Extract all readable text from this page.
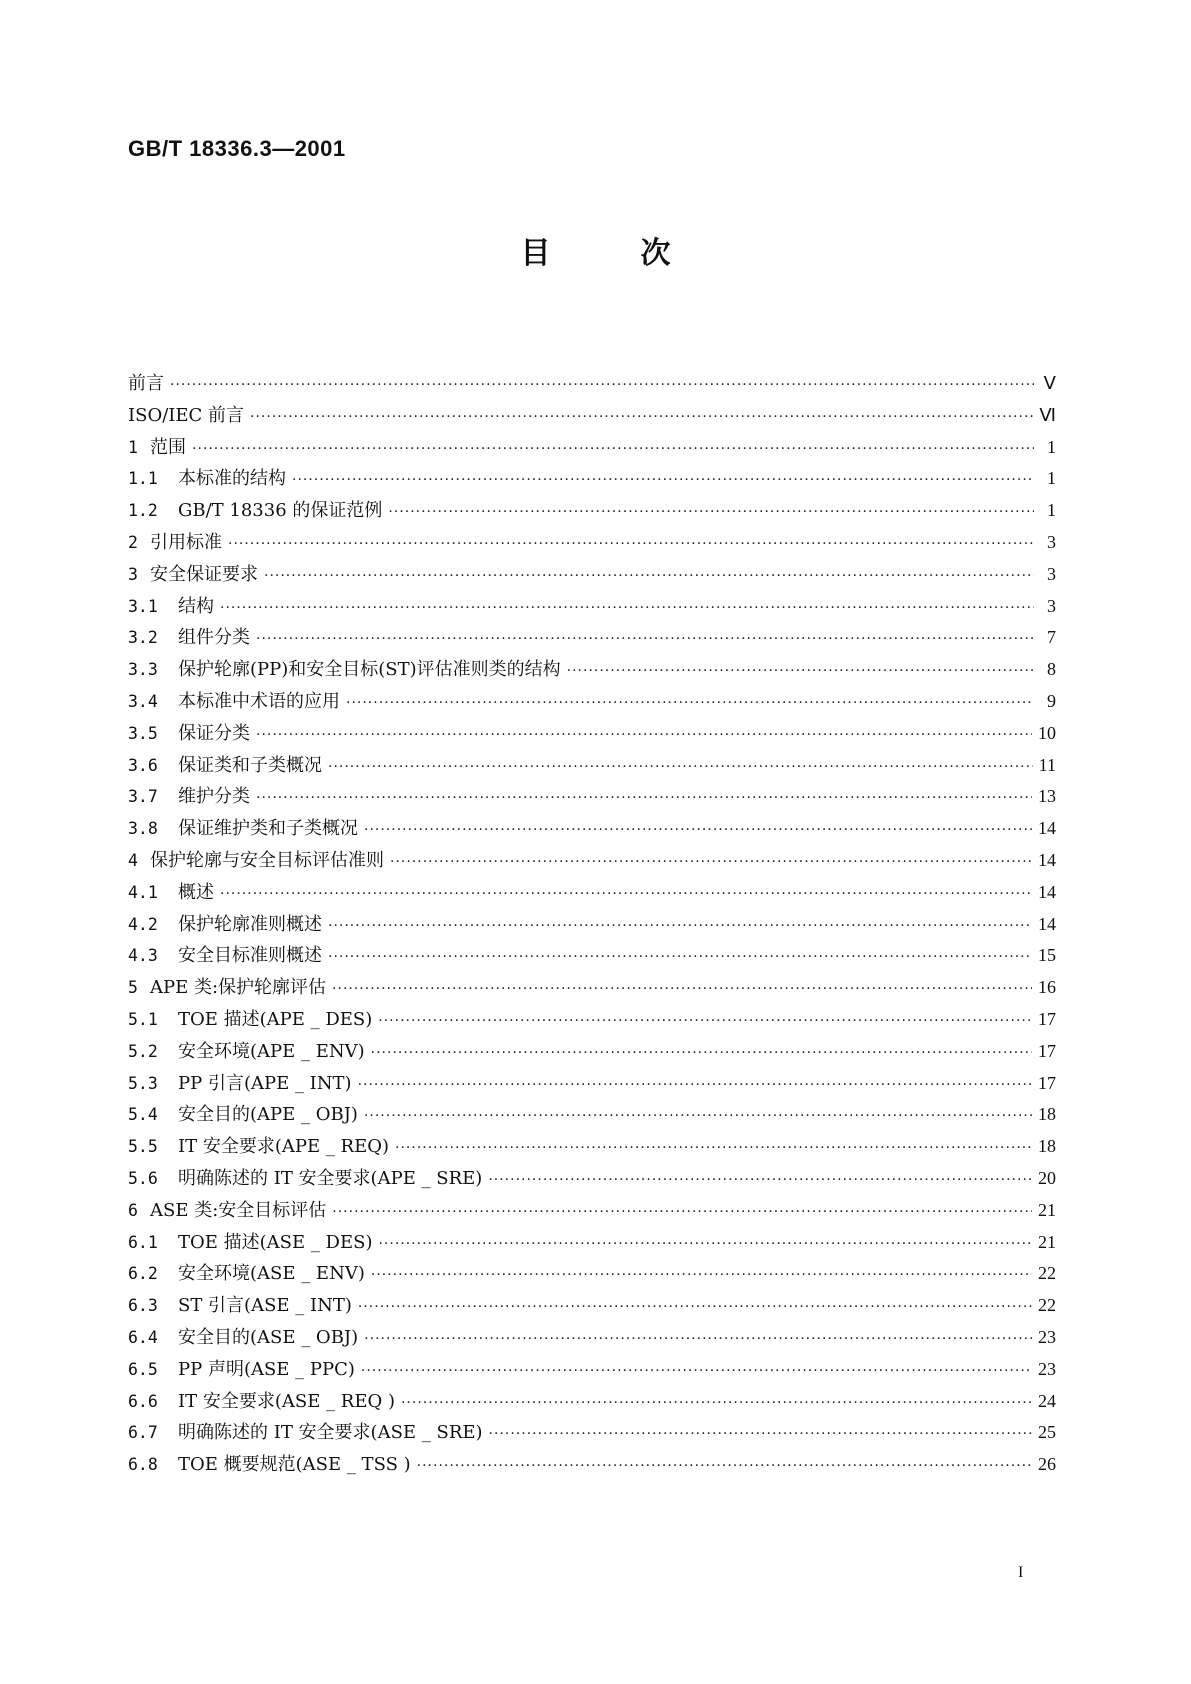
GB/T 18336.3—2001
目	次
前言 ·····	Ⅴ
ISO/IEC 前言 ·····	Ⅵ
1 范围 ·····	1
1.1	本标准的结构 ·····	1
1.2	GB/T 18336 的保证范例 ·····	1
2 引用标准 ·····	3
3 安全保证要求 ·····	3
3.1	结构 ·····	3
3.2	组件分类 ·····	7
3.3	保护轮廓(PP)和安全目标(ST)评估准则类的结构 ·····	8
3.4	本标准中术语的应用 ·····	9
3.5	保证分类 ·····	10
3.6	保证类和子类概况 ·····	11
3.7	维护分类 ·····	13
3.8	保证维护类和子类概况 ·····	14
4 保护轮廓与安全目标评估准则 ·····	14
4.1	概述 ·····	14
4.2	保护轮廓准则概述 ·····	14
4.3	安全目标准则概述 ·····	15
5 APE 类:保护轮廓评估 ·····	16
5.1	TOE 描述(APE _ DES) ·····	17
5.2	安全环境(APE _ ENV) ·····	17
5.3	PP 引言(APE _ INT) ·····	17
5.4	安全目的(APE _ OBJ) ·····	18
5.5	IT 安全要求(APE _ REQ) ·····	18
5.6	明确陈述的 IT 安全要求(APE _ SRE) ·····	20
6 ASE 类:安全目标评估 ·····	21
6.1	TOE 描述(ASE _ DES) ·····	21
6.2	安全环境(ASE _ ENV) ·····	22
6.3	ST 引言(ASE _ INT) ·····	22
6.4	安全目的(ASE _ OBJ) ·····	23
6.5	PP 声明(ASE _ PPC) ·····	23
6.6	IT 安全要求(ASE _ REQ ) ·····	24
6.7	明确陈述的 IT 安全要求(ASE _ SRE) ·····	25
6.8	TOE 概要规范(ASE _ TSS ) ·····	26
I
